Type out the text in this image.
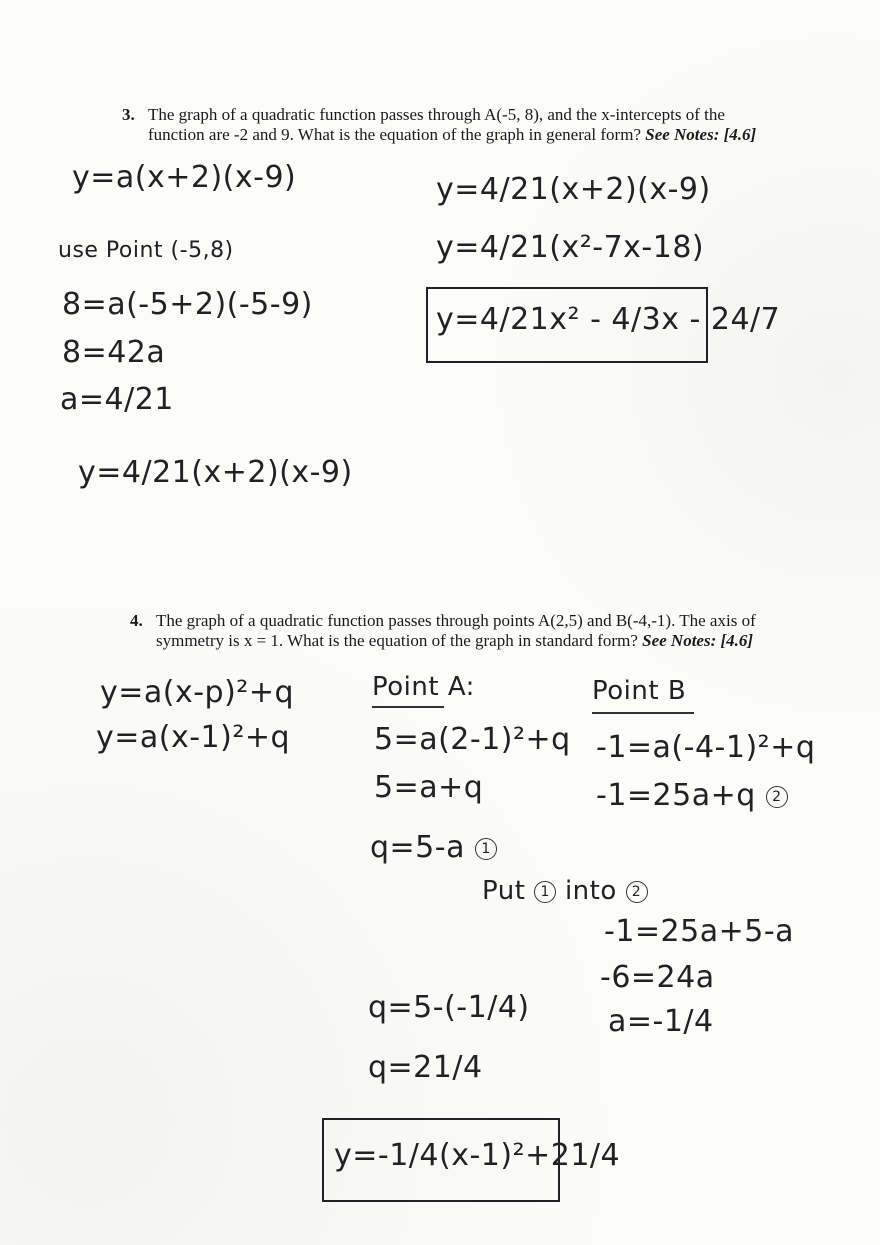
3. The graph of a quadratic function passes through A(-5, 8), and the x-intercepts of the
function are -2 and 9. What is the equation of the graph in general form? See Notes: [4.6]
y=a(x+2)(x-9)
use Point (-5,8)
8=a(-5+2)(-5-9)
8=42a
a=4/21
y=4/21(x+2)(x-9)
y=4/21(x+2)(x-9)
y=4/21(x²-7x-18)
y=4/21x² - 4/3x - 24/7
4. The graph of a quadratic function passes through points A(2,5) and B(-4,-1). The axis of
symmetry is x = 1. What is the equation of the graph in standard form? See Notes: [4.6]
y=a(x-p)²+q
y=a(x-1)²+q
Point A:
5=a(2-1)²+q
5=a+q
q=5-a 1
Point B
-1=a(-4-1)²+q
-1=25a+q 2
Put 1 into 2
-1=25a+5-a
-6=24a
a=-1/4
q=5-(-1/4)
q=21/4
y=-1/4(x-1)²+21/4
